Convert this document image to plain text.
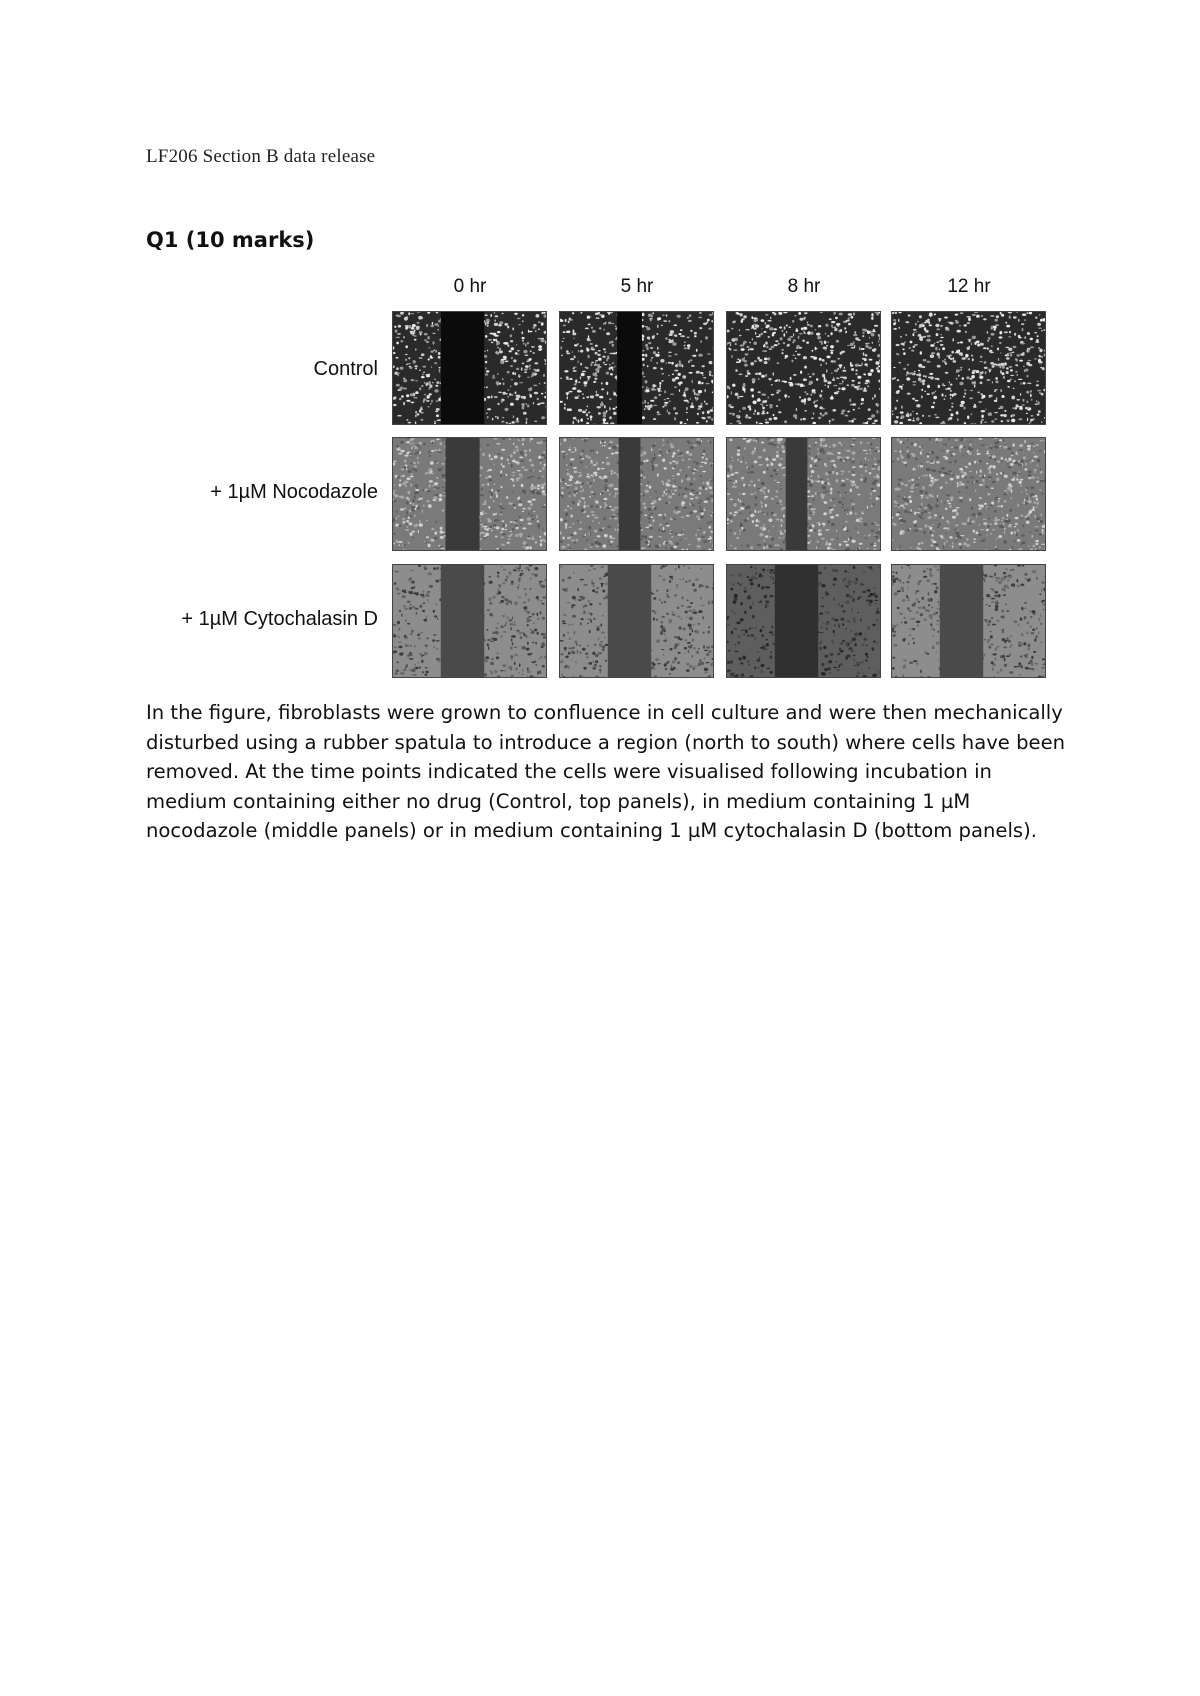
LF206 Section B data release
Q1 (10 marks)
0 hr	5 hr	8 hr	12 hr
Control
+ 1µM Nocodazole
+ 1µM Cytochalasin D
In the figure, fibroblasts were grown to confluence in cell culture and were then mechanically disturbed using a rubber spatula to introduce a region (north to south) where cells have been removed. At the time points indicated the cells were visualised following incubation in medium containing either no drug (Control, top panels), in medium containing 1 µM nocodazole (middle panels) or in medium containing 1 µM cytochalasin D (bottom panels).
